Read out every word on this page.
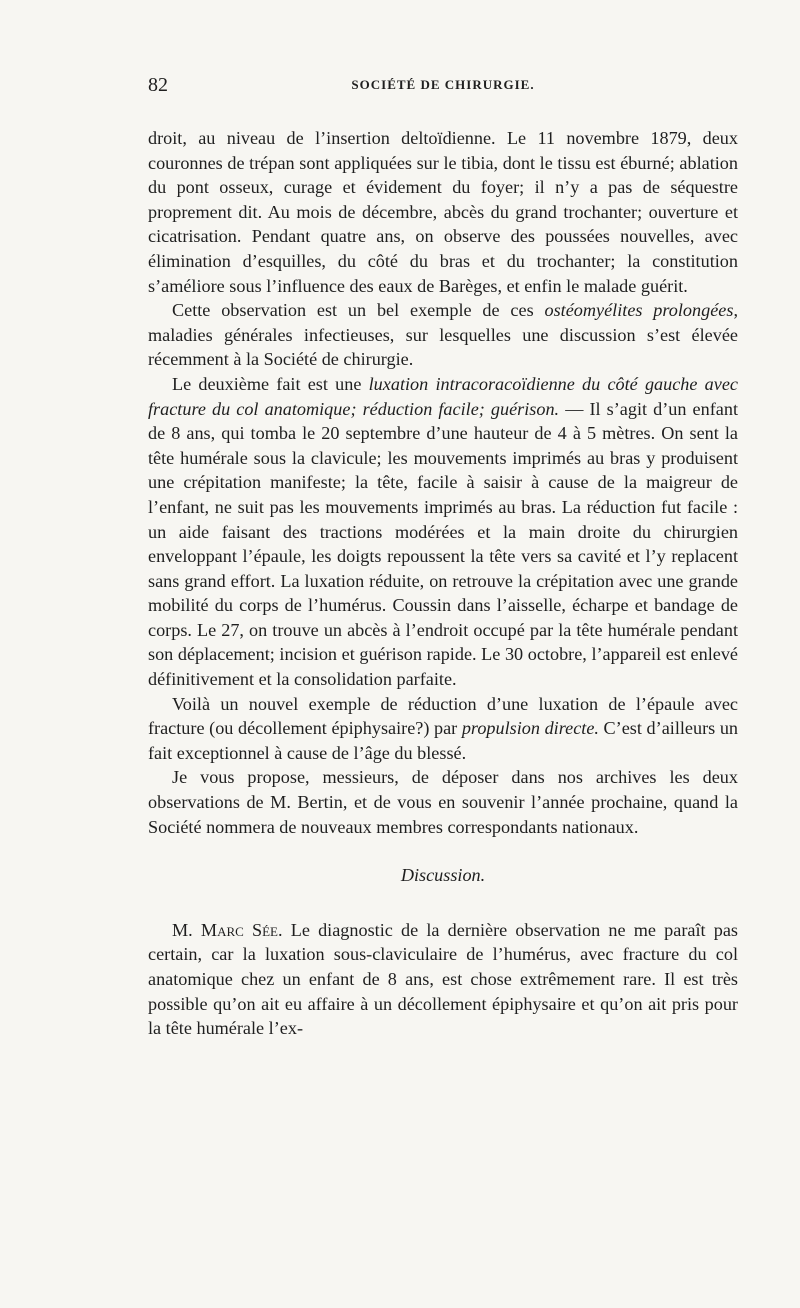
82	SOCIÉTÉ DE CHIRURGIE.

droit, au niveau de l’insertion deltoïdienne. Le 11 novembre 1879, deux couronnes de trépan sont appliquées sur le tibia, dont le tissu est éburné; ablation du pont osseux, curage et évidement du foyer; il n’y a pas de séquestre proprement dit. Au mois de décembre, abcès du grand trochanter; ouverture et cicatrisation. Pendant quatre ans, on observe des poussées nouvelles, avec élimination d’esquilles, du côté du bras et du trochanter; la constitution s’améliore sous l’influence des eaux de Barèges, et enfin le malade guérit.

Cette observation est un bel exemple de ces ostéomyélites prolongées, maladies générales infectieuses, sur lesquelles une discussion s’est élevée récemment à la Société de chirurgie.

Le deuxième fait est une luxation intracoracoïdienne du côté gauche avec fracture du col anatomique; réduction facile; guérison. — Il s’agit d’un enfant de 8 ans, qui tomba le 20 septembre d’une hauteur de 4 à 5 mètres. On sent la tête humérale sous la clavicule; les mouvements imprimés au bras y produisent une crépitation manifeste; la tête, facile à saisir à cause de la maigreur de l’enfant, ne suit pas les mouvements imprimés au bras. La réduction fut facile : un aide faisant des tractions modérées et la main droite du chirurgien enveloppant l’épaule, les doigts repoussent la tête vers sa cavité et l’y replacent sans grand effort. La luxation réduite, on retrouve la crépitation avec une grande mobilité du corps de l’humérus. Coussin dans l’aisselle, écharpe et bandage de corps. Le 27, on trouve un abcès à l’endroit occupé par la tête humérale pendant son déplacement; incision et guérison rapide. Le 30 octobre, l’appareil est enlevé définitivement et la consolidation parfaite.

Voilà un nouvel exemple de réduction d’une luxation de l’épaule avec fracture (ou décollement épiphysaire?) par propulsion directe. C’est d’ailleurs un fait exceptionnel à cause de l’âge du blessé.

Je vous propose, messieurs, de déposer dans nos archives les deux observations de M. Bertin, et de vous en souvenir l’année prochaine, quand la Société nommera de nouveaux membres correspondants nationaux.

Discussion.

M. Marc Sée. Le diagnostic de la dernière observation ne me paraît pas certain, car la luxation sous-claviculaire de l’humérus, avec fracture du col anatomique chez un enfant de 8 ans, est chose extrêmement rare. Il est très possible qu’on ait eu affaire à un décollement épiphysaire et qu’on ait pris pour la tête humérale l’ex-
